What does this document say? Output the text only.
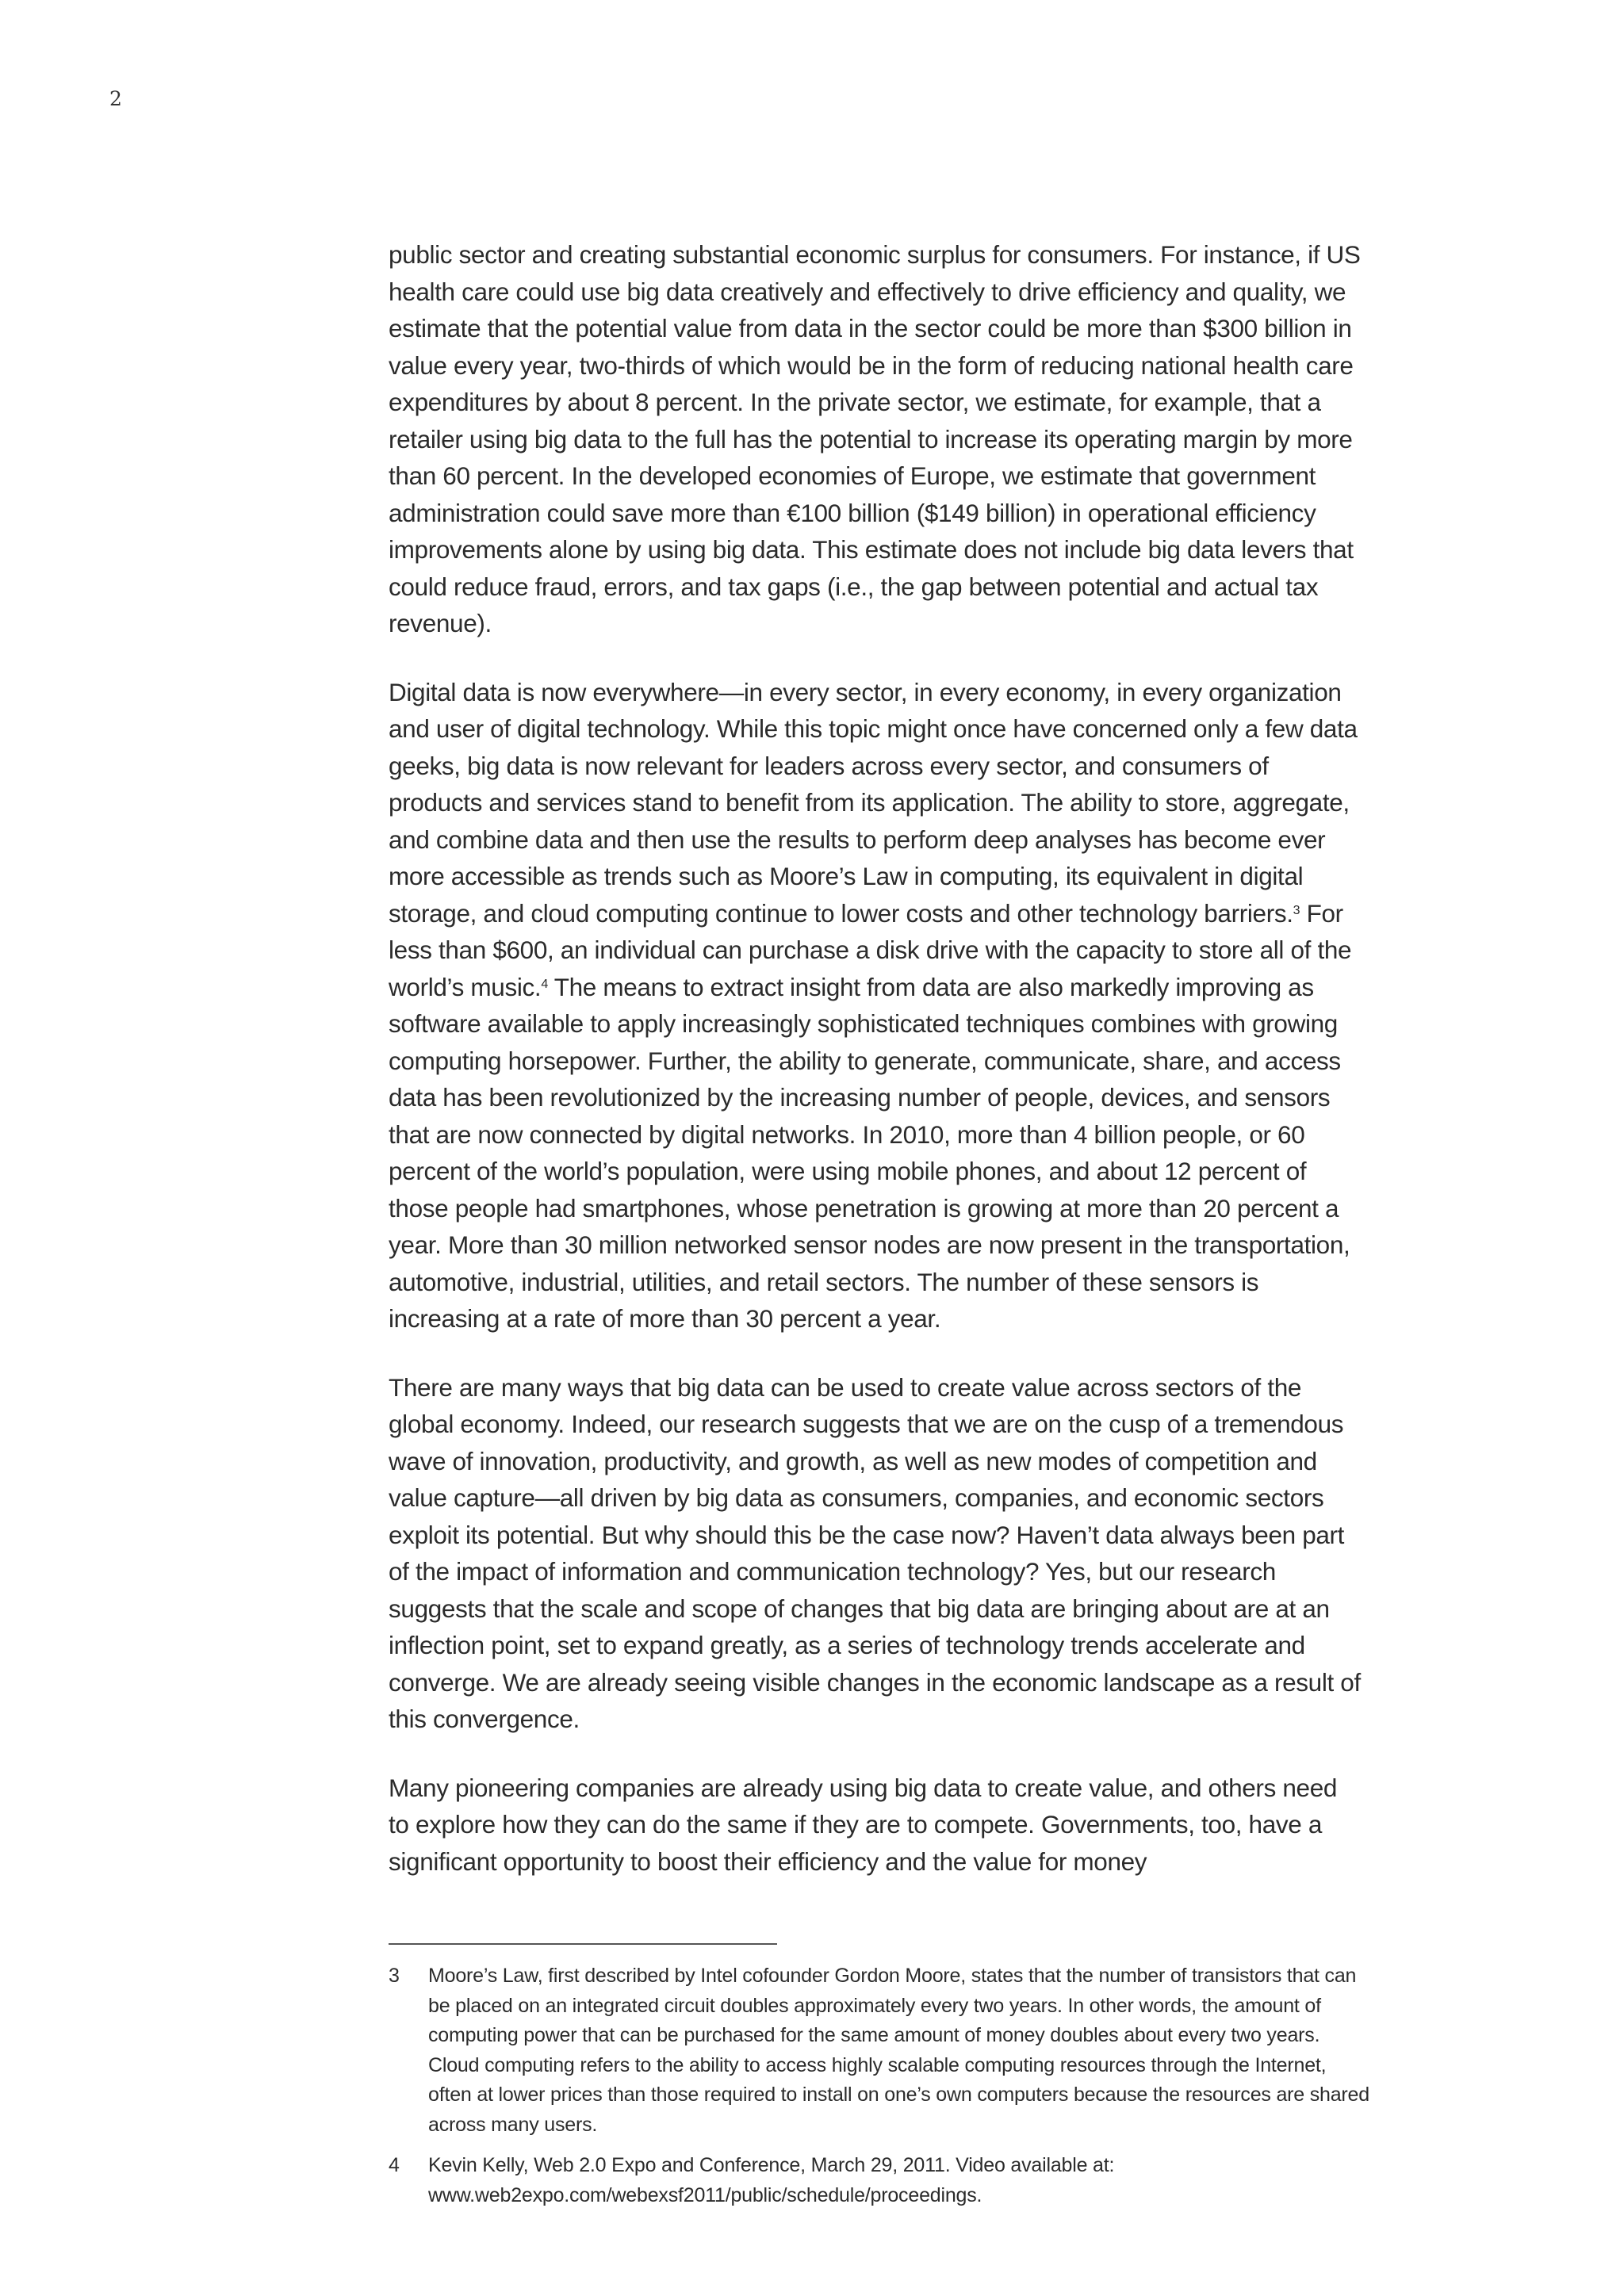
2

public sector and creating substantial economic surplus for consumers. For instance, if US health care could use big data creatively and effectively to drive efficiency and quality, we estimate that the potential value from data in the sector could be more than $300 billion in value every year, two-thirds of which would be in the form of reducing national health care expenditures by about 8 percent. In the private sector, we estimate, for example, that a retailer using big data to the full has the potential to increase its operating margin by more than 60 percent. In the developed economies of Europe, we estimate that government administration could save more than €100 billion ($149 billion) in operational efficiency improvements alone by using big data. This estimate does not include big data levers that could reduce fraud, errors, and tax gaps (i.e., the gap between potential and actual tax revenue).

Digital data is now everywhere—in every sector, in every economy, in every organization and user of digital technology. While this topic might once have concerned only a few data geeks, big data is now relevant for leaders across every sector, and consumers of products and services stand to benefit from its application. The ability to store, aggregate, and combine data and then use the results to perform deep analyses has become ever more accessible as trends such as Moore’s Law in computing, its equivalent in digital storage, and cloud computing continue to lower costs and other technology barriers.$^3$ For less than $600, an individual can purchase a disk drive with the capacity to store all of the world’s music.$^4$ The means to extract insight from data are also markedly improving as software available to apply increasingly sophisticated techniques combines with growing computing horsepower. Further, the ability to generate, communicate, share, and access data has been revolutionized by the increasing number of people, devices, and sensors that are now connected by digital networks. In 2010, more than 4 billion people, or 60 percent of the world’s population, were using mobile phones, and about 12 percent of those people had smartphones, whose penetration is growing at more than 20 percent a year. More than 30 million networked sensor nodes are now present in the transportation, automotive, industrial, utilities, and retail sectors. The number of these sensors is increasing at a rate of more than 30 percent a year.

There are many ways that big data can be used to create value across sectors of the global economy. Indeed, our research suggests that we are on the cusp of a tremendous wave of innovation, productivity, and growth, as well as new modes of competition and value capture—all driven by big data as consumers, companies, and economic sectors exploit its potential. But why should this be the case now? Haven’t data always been part of the impact of information and communication technology? Yes, but our research suggests that the scale and scope of changes that big data are bringing about are at an inflection point, set to expand greatly, as a series of technology trends accelerate and converge. We are already seeing visible changes in the economic landscape as a result of this convergence.

Many pioneering companies are already using big data to create value, and others need to explore how they can do the same if they are to compete. Governments, too, have a significant opportunity to boost their efficiency and the value for money

3	Moore’s Law, first described by Intel cofounder Gordon Moore, states that the number of transistors that can be placed on an integrated circuit doubles approximately every two years. In other words, the amount of computing power that can be purchased for the same amount of money doubles about every two years. Cloud computing refers to the ability to access highly scalable computing resources through the Internet, often at lower prices than those required to install on one’s own computers because the resources are shared across many users.
4	Kevin Kelly, Web 2.0 Expo and Conference, March 29, 2011. Video available at: www.web2expo.com/webexsf2011/public/schedule/proceedings.
